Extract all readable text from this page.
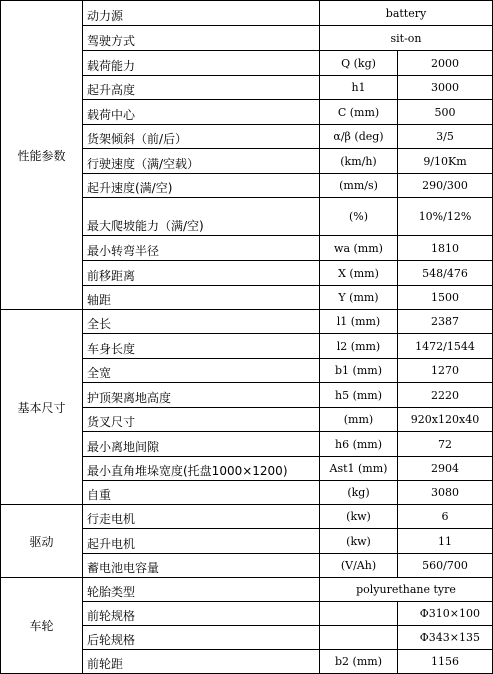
性能参数	动力源	battery	
	驾驶方式	sit-on	
	载荷能力	Q (kg)	2000
	起升高度	h1	3000
	载荷中心	C (mm)	500
	货架倾斜（前/后）	α/β (deg)	3/5
	行驶速度（满/空载）	(km/h)	9/10Km
	起升速度(满/空)	(mm/s)	290/300
	最大爬坡能力（满/空)	(%)	10%/12%
	最小转弯半径	wa (mm)	1810
	前移距离	X (mm)	548/476
	轴距	Y (mm)	1500
基本尺寸	全长	l1 (mm)	2387
	车身长度	l2 (mm)	1472/1544
	全宽	b1 (mm)	1270
	护顶架离地高度	h5 (mm)	2220
	货叉尺寸	(mm)	920x120x40
	最小离地间隙	h6 (mm)	72
	最小直角堆垛宽度(托盘1000×1200)	Ast1 (mm)	2904
	自重	(kg)	3080
驱动	行走电机	(kw)	6
	起升电机	(kw)	11
	蓄电池电容量	(V/Ah)	560/700
车轮	轮胎类型	polyurethane tyre	
	前轮规格		Φ310×100
	后轮规格		Φ343×135
	前轮距	b2 (mm)	1156
